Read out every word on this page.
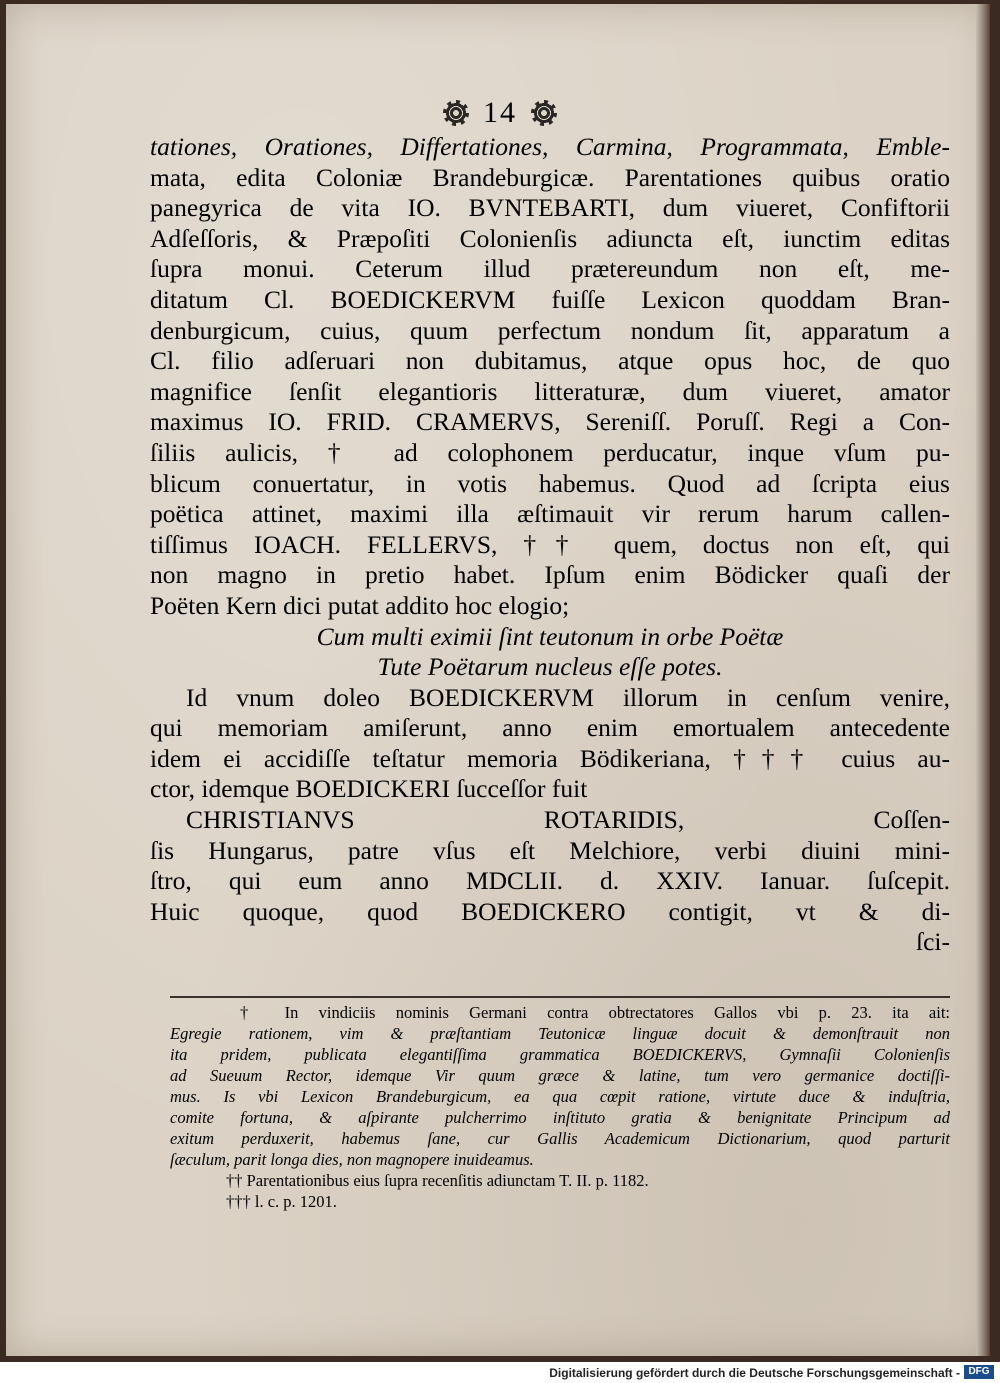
14
tationes, Orationes, Differtationes, Carmina, Programmata, Emble-
mata, edita Coloniæ Brandeburgicæ. Parentationes quibus oratio
panegyrica de vita IO. BVNTEBARTI, dum viueret, Confiftorii
Adſeſſoris, & Præpoſiti Colonienſis adiuncta eſt, iunctim editas
ſupra monui. Ceterum illud prætereundum non eſt, me-
ditatum Cl. BOEDICKERVM fuiſſe Lexicon quoddam Bran-
denburgicum, cuius, quum perfectum nondum ſit, apparatum a
Cl. filio adſeruari non dubitamus, atque opus hoc, de quo
magnifice ſenſit elegantioris litteraturæ, dum viueret, amator
maximus IO. FRID. CRAMERVS, Sereniſſ. Poruſſ. Regi a Con-
ſiliis aulicis, † ad colophonem perducatur, inque vſum pu-
blicum conuertatur, in votis habemus. Quod ad ſcripta eius
poëtica attinet, maximi illa æſtimauit vir rerum harum callen-
tiſſimus IOACH. FELLERVS, †† quem, doctus non eſt, qui
non magno in pretio habet. Ipſum enim Bödicker quaſi der
Poëten Kern dici putat addito hoc elogio;
Cum multi eximii ſint teutonum in orbe Poëtæ
Tute Poëtarum nucleus eſſe potes.
Id vnum doleo BOEDICKERVM illorum in cenſum venire,
qui memoriam amiſerunt, anno enim emortualem antecedente
idem ei accidiſſe teſtatur memoria Bödikeriana, ††† cuius au-
ctor, idemque BOEDICKERI ſucceſſor fuit
CHRISTIANVS ROTARIDIS, Coſſen-
ſis Hungarus, patre vſus eſt Melchiore, verbi diuini mini-
ſtro, qui eum anno MDCLII. d. XXIV. Ianuar. ſuſcepit.
Huic quoque, quod BOEDICKERO contigit, vt & di-
ſci-
† In vindiciis nominis Germani contra obtrectatores Gallos vbi p. 23. ita ait:
Egregie rationem, vim & præſtantiam Teutonicæ linguæ docuit & demonſtrauit non
ita pridem, publicata elegantiſſima grammatica BOEDICKERVS, Gymnaſii Colonienſis
ad Sueuum Rector, idemque Vir quum græce & latine, tum vero germanice doctiſſi-
mus. Is vbi Lexicon Brandeburgicum, ea qua cœpit ratione, virtute duce & induſtria,
comite fortuna, & aſpirante pulcherrimo inſtituto gratia & benignitate Principum ad
exitum perduxerit, habemus ſane, cur Gallis Academicum Dictionarium, quod parturit
ſæculum, parit longa dies, non magnopere inuideamus.
†† Parentationibus eius ſupra recenſitis adiunctam T. II. p. 1182.
††† l. c. p. 1201.
Digitalisierung gefördert durch die Deutsche Forschungsgemeinschaft - DFG
